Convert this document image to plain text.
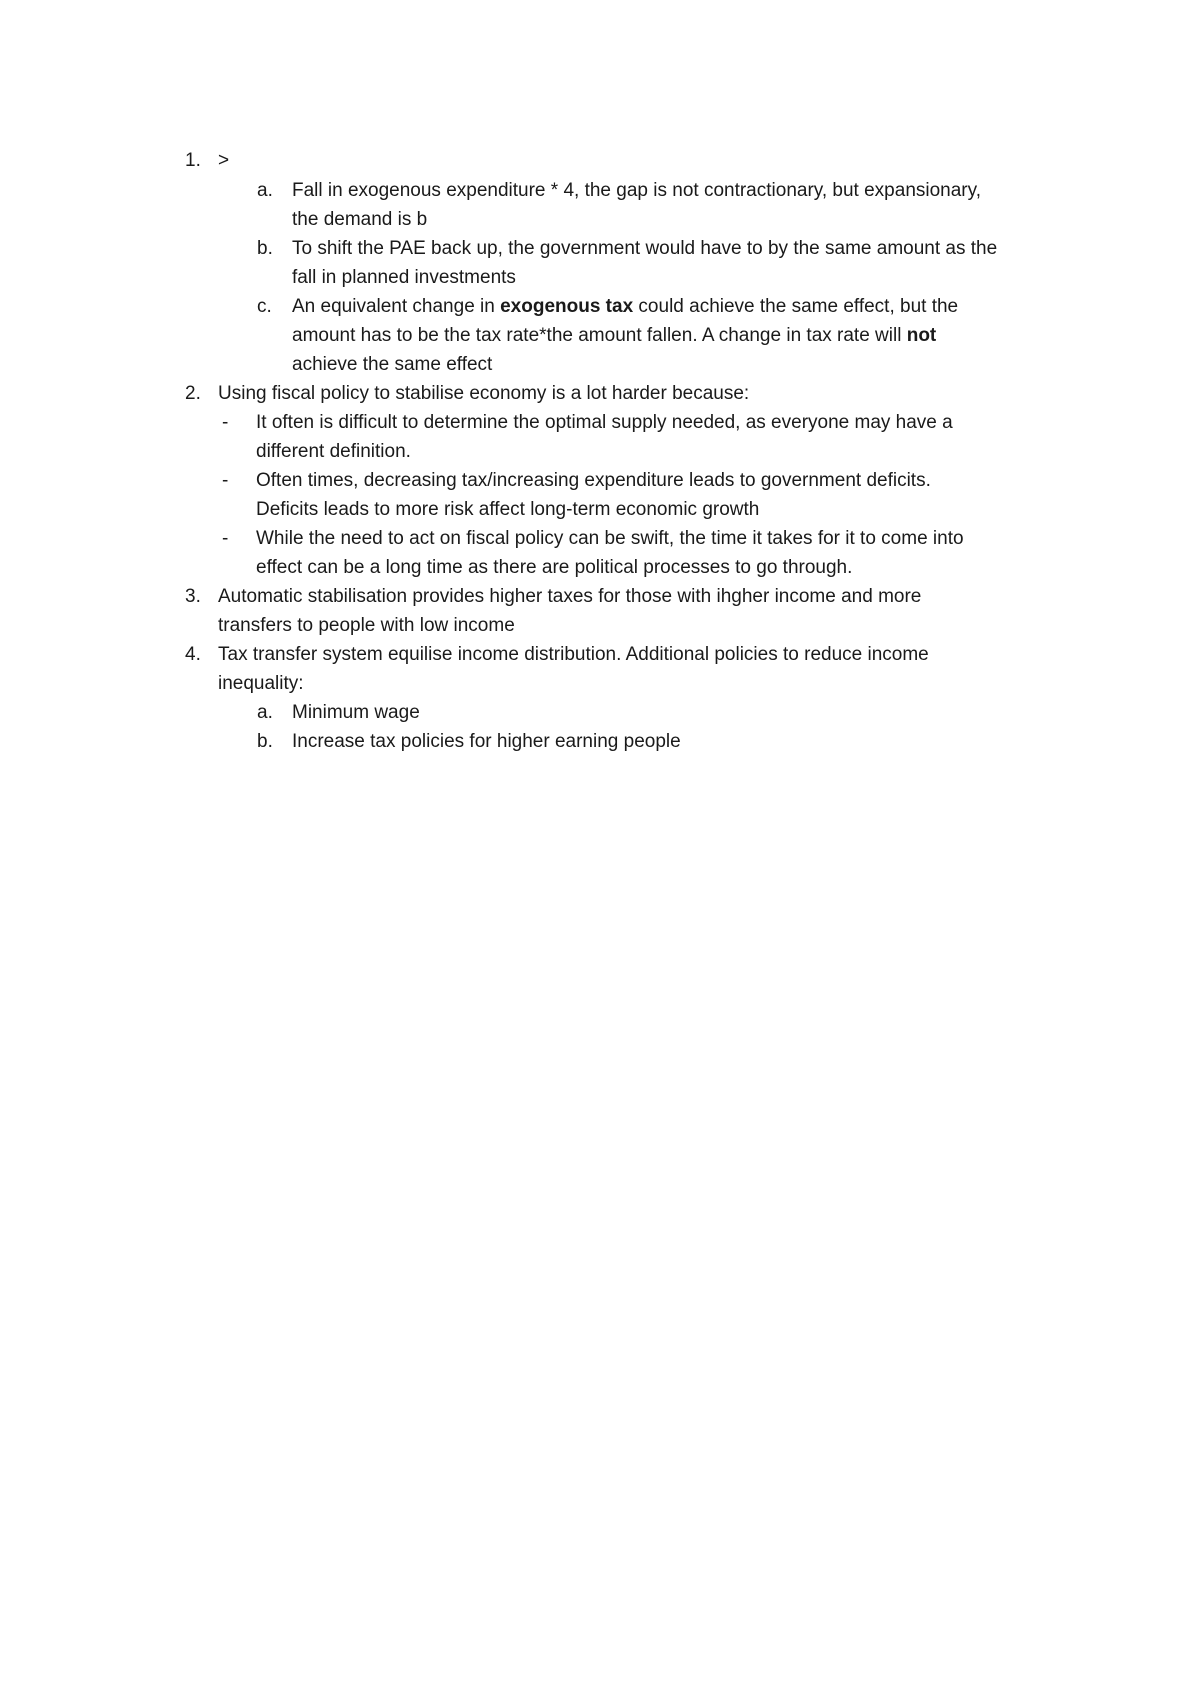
1. >
a.	Fall in exogenous expenditure * 4, the gap is not contractionary, but expansionary,
the demand is b
b.	To shift the PAE back up, the government would have to by the same amount as the
fall in planned investments
c.	An equivalent change in exogenous tax could achieve the same effect, but the
amount has to be the tax rate*the amount fallen. A change in tax rate will not
achieve the same effect
2. Using fiscal policy to stabilise economy is a lot harder because:
-	It often is difficult to determine the optimal supply needed, as everyone may have a
different definition.
-	Often times, decreasing tax/increasing expenditure leads to government deficits.
Deficits leads to more risk affect long-term economic growth
-	While the need to act on fiscal policy can be swift, the time it takes for it to come into
effect can be a long time as there are political processes to go through.
3. Automatic stabilisation provides higher taxes for those with ihgher income and more
transfers to people with low income
4. Tax transfer system equilise income distribution. Additional policies to reduce income
inequality:
a.	Minimum wage
b.	Increase tax policies for higher earning people
